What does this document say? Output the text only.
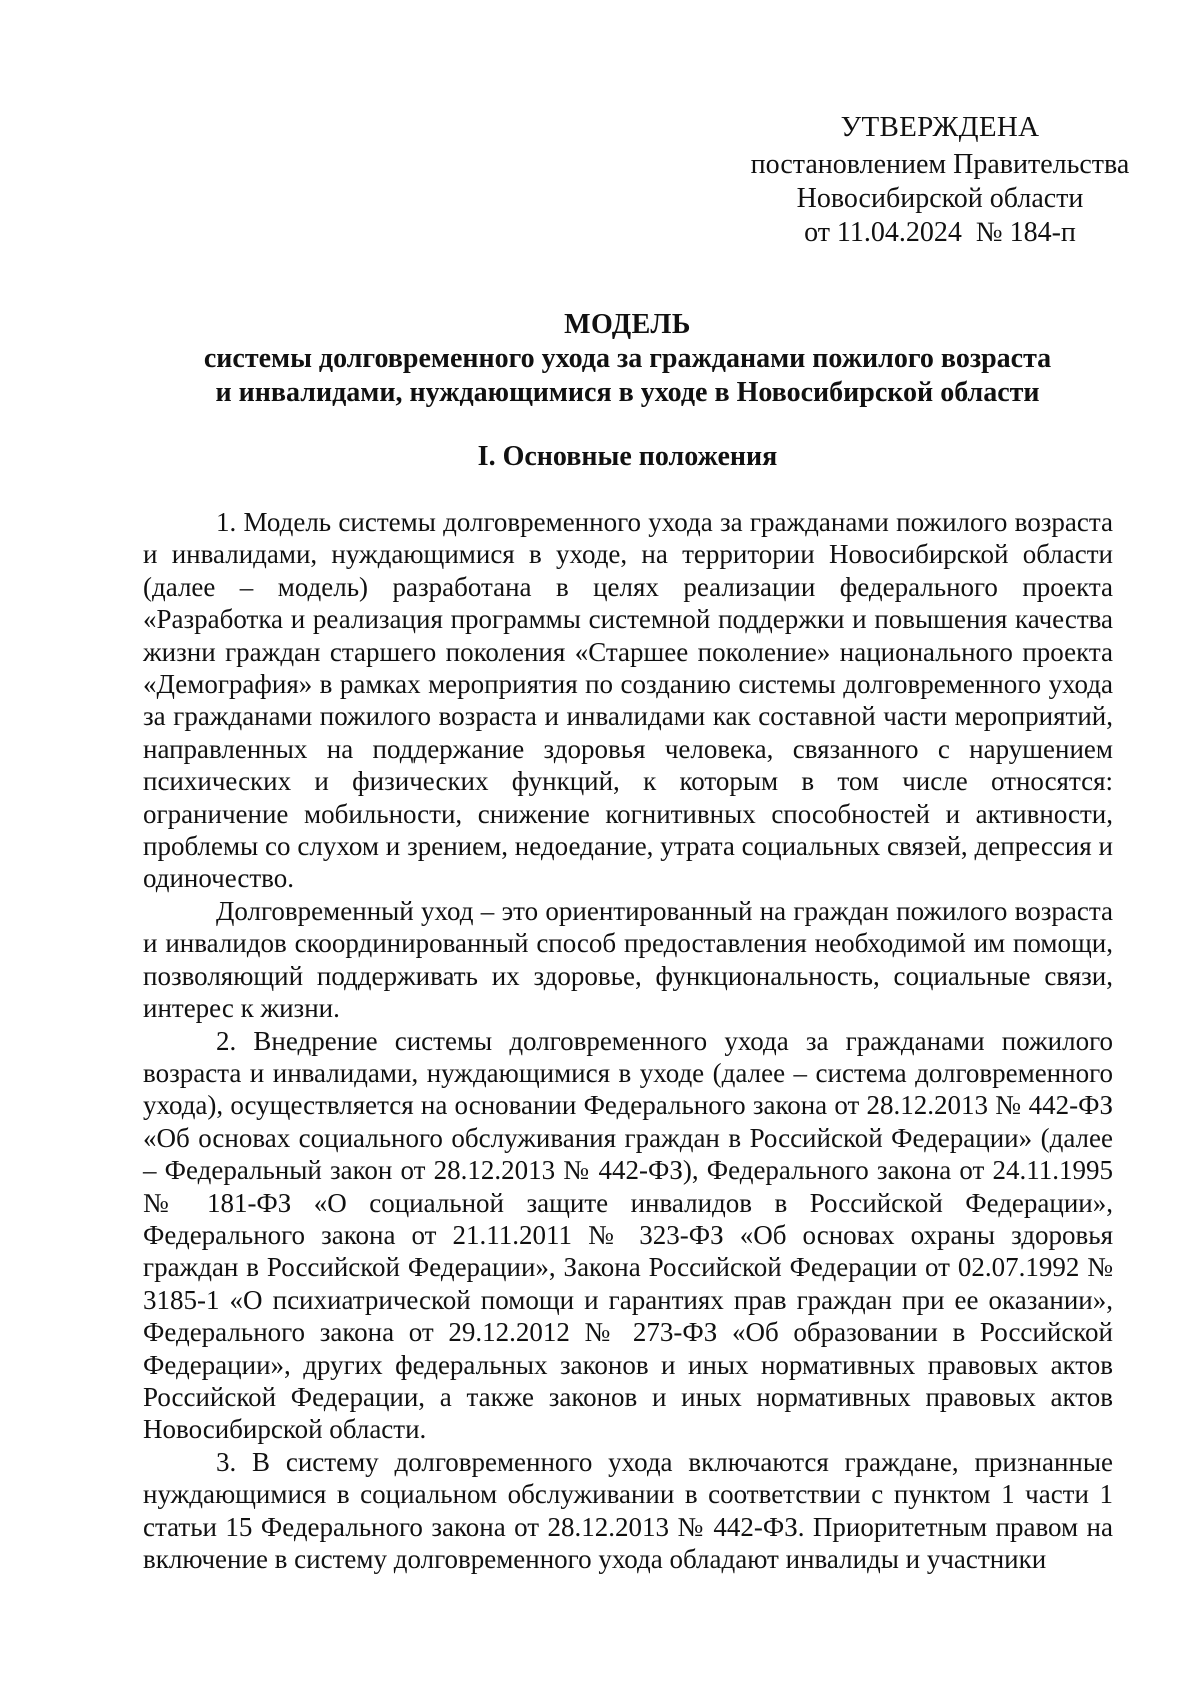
УТВЕРЖДЕНА
постановлением Правительства
Новосибирской области
от 11.04.2024  № 184-п
МОДЕЛЬ
системы долговременного ухода за гражданами пожилого возраста
и инвалидами, нуждающимися в уходе в Новосибирской области
I. Основные положения

1. Модель системы долговременного ухода за гражданами пожилого возраста и инвалидами, нуждающимися в уходе, на территории Новосибирской области (далее – модель) разработана в целях реализации федерального проекта «Разработка и реализация программы системной поддержки и повышения качества жизни граждан старшего поколения «Старшее поколение» национального проекта «Демография» в рамках мероприятия по созданию системы долговременного ухода за гражданами пожилого возраста и инвалидами как составной части мероприятий, направленных на поддержание здоровья человека, связанного с нарушением психических и физических функций, к которым в том числе относятся: ограничение мобильности, снижение когнитивных способностей и активности, проблемы со слухом и зрением, недоедание, утрата социальных связей, депрессия и одиночество.

Долговременный уход – это ориентированный на граждан пожилого возраста и инвалидов скоординированный способ предоставления необходимой им помощи, позволяющий поддерживать их здоровье, функциональность, социальные связи, интерес к жизни.

2. Внедрение системы долговременного ухода за гражданами пожилого возраста и инвалидами, нуждающимися в уходе (далее – система долговременного ухода), осуществляется на основании Федерального закона от 28.12.2013 № 442-ФЗ «Об основах социального обслуживания граждан в Российской Федерации» (далее – Федеральный закон от 28.12.2013 № 442-ФЗ), Федерального закона от 24.11.1995 № 181-ФЗ «О социальной защите инвалидов в Российской Федерации», Федерального закона от 21.11.2011 № 323-ФЗ «Об основах охраны здоровья граждан в Российской Федерации», Закона Российской Федерации от 02.07.1992 № 3185-1 «О психиатрической помощи и гарантиях прав граждан при ее оказании», Федерального закона от 29.12.2012 № 273-ФЗ «Об образовании в Российской Федерации», других федеральных законов и иных нормативных правовых актов Российской Федерации, а также законов и иных нормативных правовых актов Новосибирской области.

3. В систему долговременного ухода включаются граждане, признанные нуждающимися в социальном обслуживании в соответствии с пунктом 1 части 1 статьи 15 Федерального закона от 28.12.2013 № 442-ФЗ. Приоритетным правом на включение в систему долговременного ухода обладают инвалиды и участники
